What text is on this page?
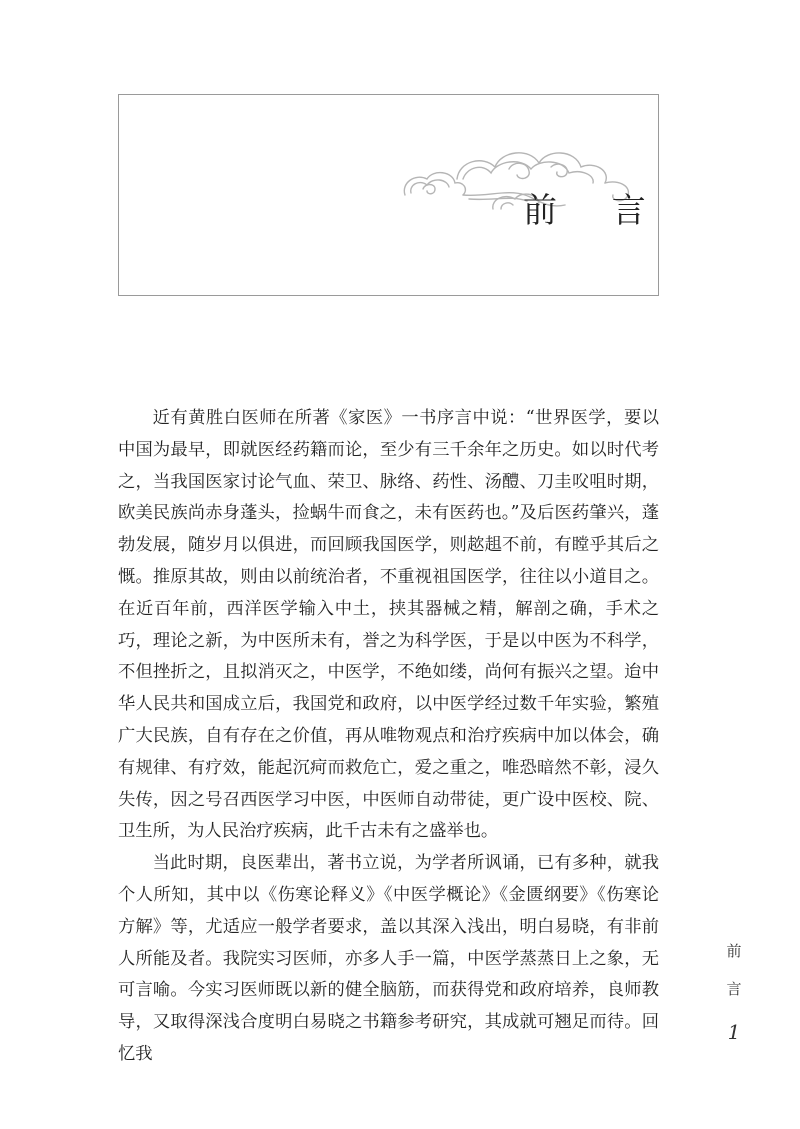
前 言

近有黄胜白医师在所著《家医》一书序言中说：“世界医学，要以中国为最早，即就医经药籍而论，至少有三千余年之历史。如以时代考之，当我国医家讨论气血、荣卫、脉络、药性、汤醴、刀圭㕮咀时期，欧美民族尚赤身蓬头，捡蜗牛而食之，未有医药也。”及后医药肇兴，蓬勃发展，随岁月以俱进，而回顾我国医学，则趑趄不前，有瞠乎其后之慨。推原其故，则由以前统治者，不重视祖国医学，往往以小道目之。在近百年前，西洋医学输入中土，挟其器械之精，解剖之确，手术之巧，理论之新，为中医所未有，誉之为科学医，于是以中医为不科学，不但挫折之，且拟消灭之，中医学，不绝如缕，尚何有振兴之望。迨中华人民共和国成立后，我国党和政府，以中医学经过数千年实验，繁殖广大民族，自有存在之价值，再从唯物观点和治疗疾病中加以体会，确有规律、有疗效，能起沉疴而救危亡，爱之重之，唯恐暗然不彰，浸久失传，因之号召西医学习中医，中医师自动带徒，更广设中医校、院、卫生所，为人民治疗疾病，此千古未有之盛举也。

当此时期，良医辈出，著书立说，为学者所讽诵，已有多种，就我个人所知，其中以《伤寒论释义》《中医学概论》《金匮纲要》《伤寒论方解》等，尤适应一般学者要求，盖以其深入浅出，明白易晓，有非前人所能及者。我院实习医师，亦多人手一篇，中医学蒸蒸日上之象，无可言喻。今实习医师既以新的健全脑筋，而获得党和政府培养，良师教导，又取得深浅合度明白易晓之书籍参考研究，其成就可翘足而待。回忆我

前
言
1
